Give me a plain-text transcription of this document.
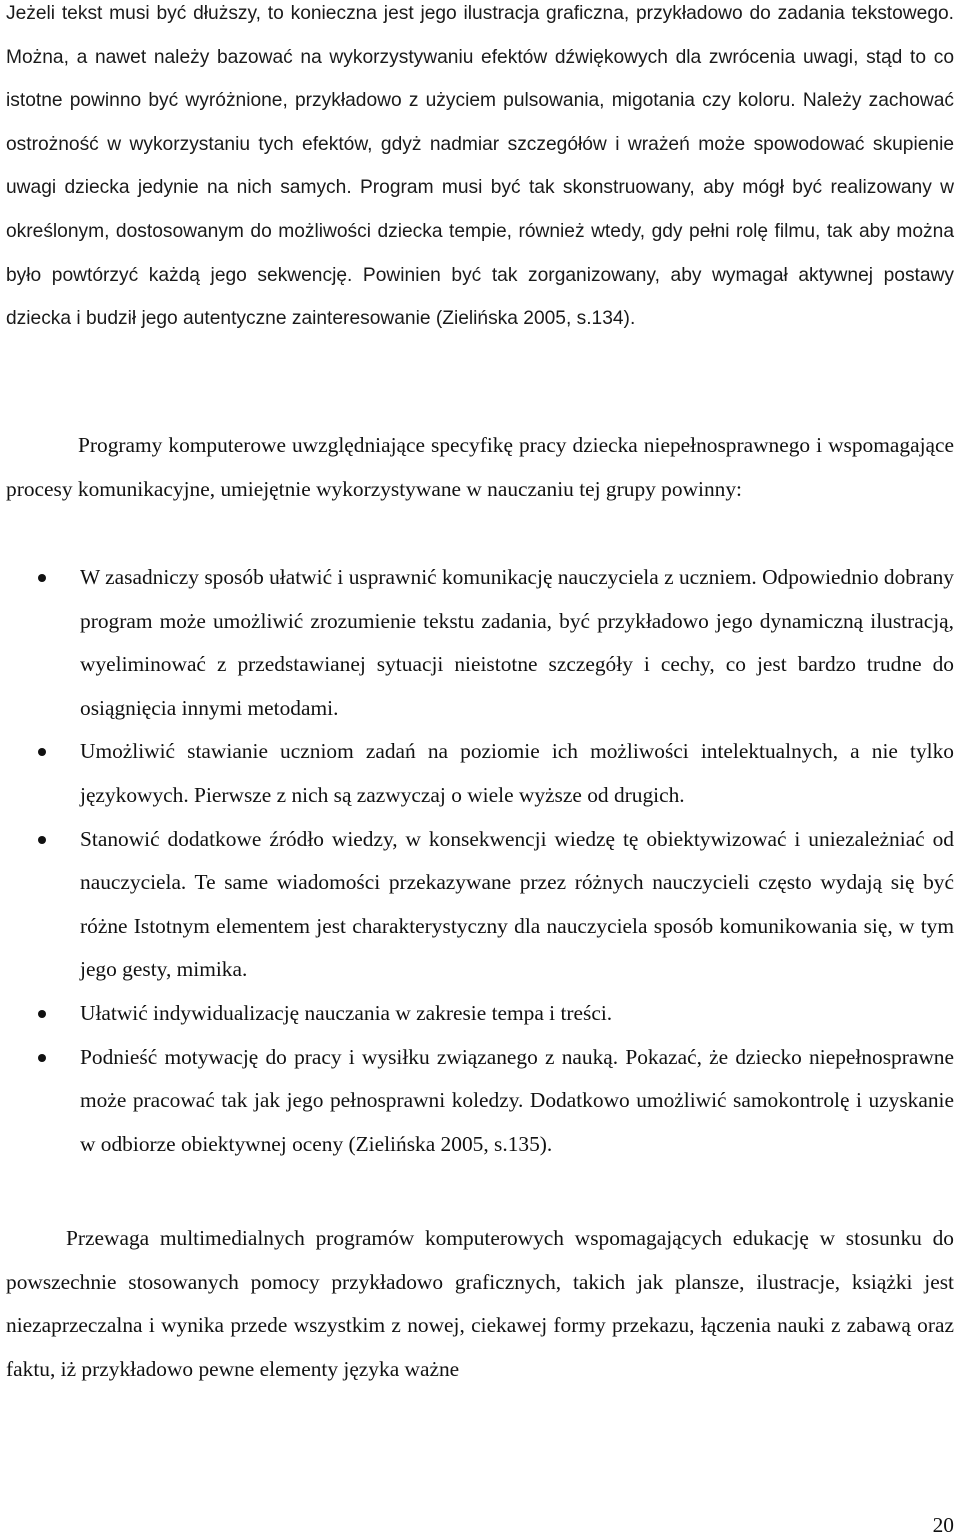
Jeżeli tekst musi być dłuższy, to konieczna jest jego ilustracja graficzna, przykładowo do zadania tekstowego. Można, a nawet należy bazować na wykorzystywaniu efektów dźwiękowych dla zwrócenia uwagi, stąd to co istotne powinno być wyróżnione, przykładowo z użyciem pulsowania, migotania czy koloru. Należy zachować ostrożność w wykorzystaniu tych efektów, gdyż nadmiar szczegółów i wrażeń może spowodować skupienie uwagi dziecka jedynie na nich samych. Program musi być tak skonstruowany, aby mógł być realizowany w określonym, dostosowanym do możliwości dziecka tempie, również wtedy, gdy pełni rolę filmu, tak aby można było powtórzyć każdą jego sekwencję. Powinien być tak zorganizowany, aby wymagał aktywnej postawy dziecka i budził jego autentyczne zainteresowanie (Zielińska 2005, s.134).

Programy komputerowe uwzględniające specyfikę pracy dziecka niepełnosprawnego i wspomagające procesy komunikacyjne, umiejętnie wykorzystywane w nauczaniu tej grupy powinny:

W zasadniczy sposób ułatwić i usprawnić komunikację nauczyciela z uczniem. Odpowiednio dobrany program może umożliwić zrozumienie tekstu zadania, być przykładowo jego dynamiczną ilustracją, wyeliminować z przedstawianej sytuacji nieistotne szczegóły i cechy, co jest bardzo trudne do osiągnięcia innymi metodami.
Umożliwić stawianie uczniom zadań na poziomie ich możliwości intelektualnych, a nie tylko językowych. Pierwsze z nich są zazwyczaj o wiele wyższe od drugich.
Stanowić dodatkowe źródło wiedzy, w konsekwencji wiedzę tę obiektywizować i uniezależniać od nauczyciela. Te same wiadomości przekazywane przez różnych nauczycieli często wydają się być różne Istotnym elementem jest charakterystyczny dla nauczyciela sposób komunikowania się, w tym jego gesty, mimika.
Ułatwić indywidualizację nauczania w zakresie tempa i treści.
Podnieść motywację do pracy i wysiłku związanego z nauką. Pokazać, że dziecko niepełnosprawne może pracować tak jak jego pełnosprawni koledzy. Dodatkowo umożliwić samokontrolę i uzyskanie w odbiorze obiektywnej oceny (Zielińska 2005, s.135).

Przewaga multimedialnych programów komputerowych wspomagających edukację w stosunku do powszechnie stosowanych pomocy przykładowo graficznych, takich jak plansze, ilustracje, książki jest niezaprzeczalna i wynika przede wszystkim z nowej, ciekawej formy przekazu, łączenia nauki z zabawą oraz faktu, iż przykładowo pewne elementy języka ważne

20
